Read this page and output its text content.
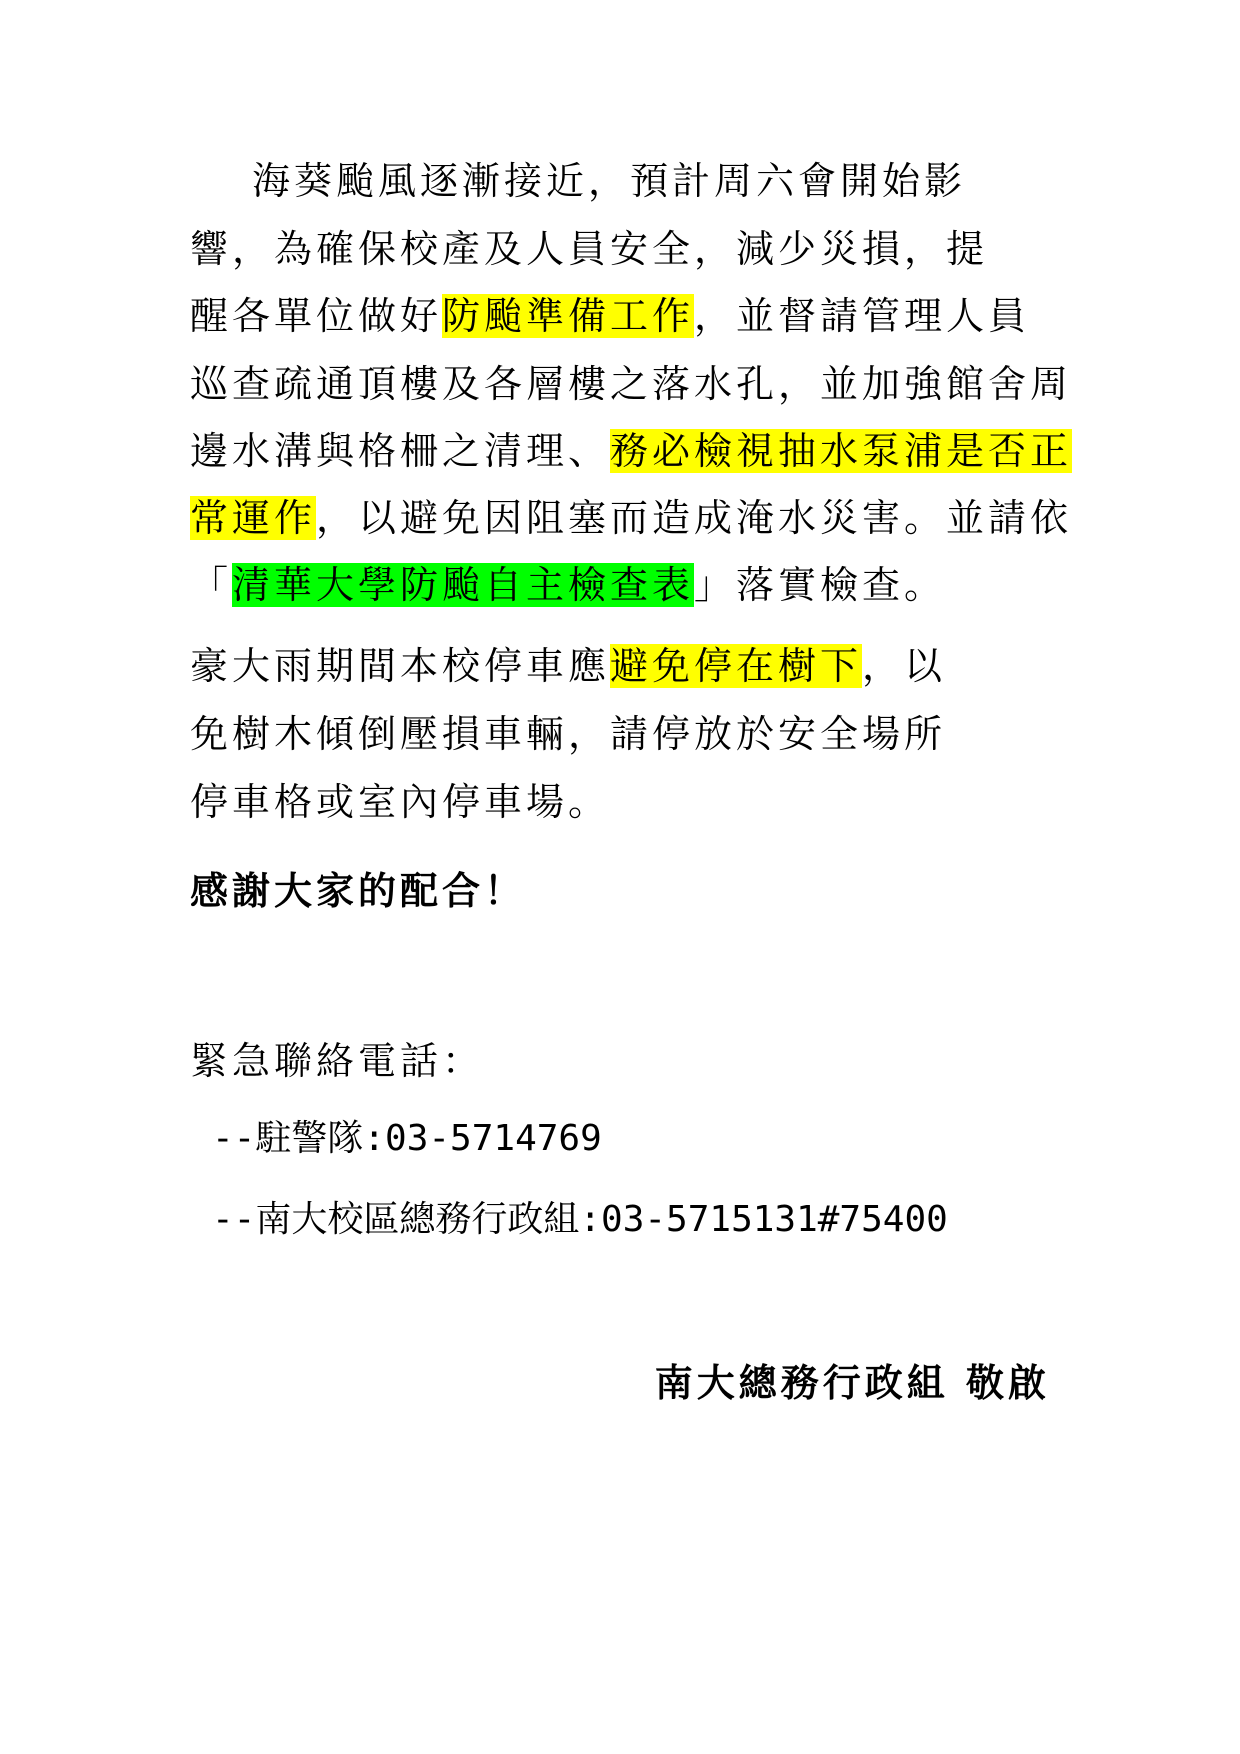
海葵颱風逐漸接近，預計周六會開始影
響，為確保校產及人員安全，減少災損，提
醒各單位做好防颱準備工作，並督請管理人員
巡查疏通頂樓及各層樓之落水孔，並加強館舍周
邊水溝與格柵之清理、務必檢視抽水泵浦是否正
常運作，以避免因阻塞而造成淹水災害。並請依
「清華大學防颱自主檢查表」落實檢查。
豪大雨期間本校停車應避免停在樹下，以
免樹木傾倒壓損車輛，請停放於安全場所
停車格或室內停車場。
感謝大家的配合！
緊急聯絡電話：
--駐警隊:03-5714769
--南大校區總務行政組:03-5715131#75400
南大總務行政組 敬啟
